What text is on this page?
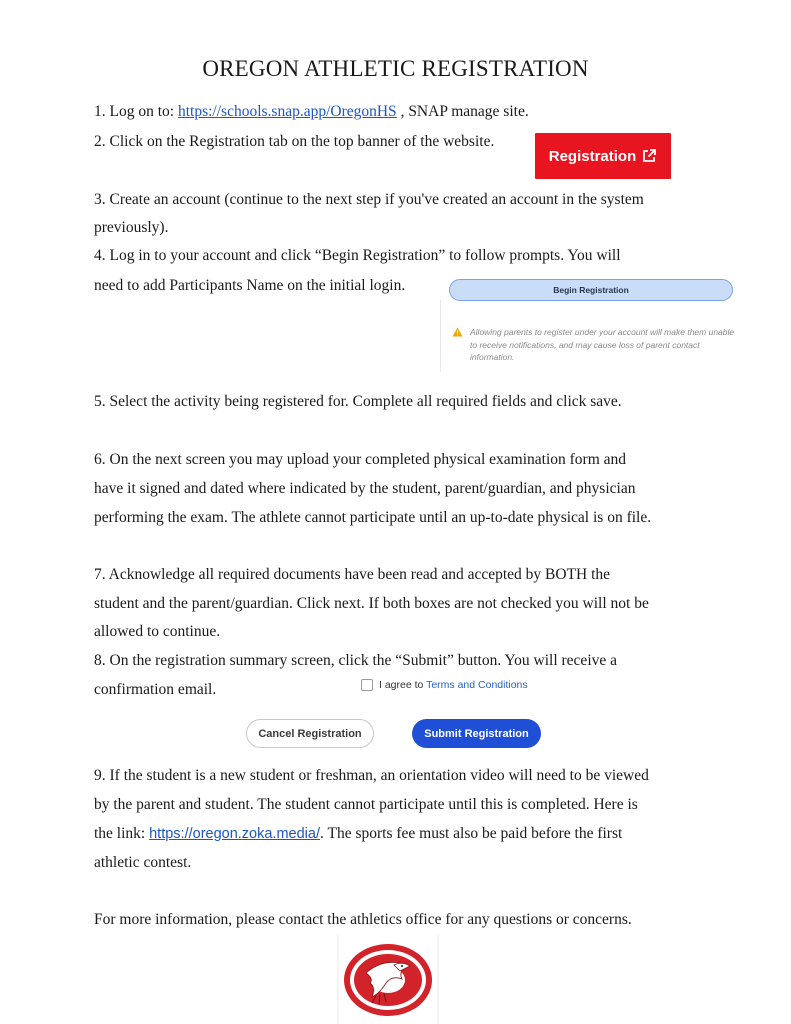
OREGON ATHLETIC REGISTRATION
1. Log on to: https://schools.snap.app/OregonHS , SNAP manage site.
2. Click on the Registration tab on the top banner of the website.
Registration
3. Create an account (continue to the next step if you've created an account in the system
previously).
4. Log in to your account and click “Begin Registration” to follow prompts. You will
need to add Participants Name on the initial login.	Begin Registration
Allowing parents to register under your account will make them unable to receive notifications, and may cause loss of parent contact information.
5. Select the activity being registered for. Complete all required fields and click save.
6. On the next screen you may upload your completed physical examination form and
have it signed and dated where indicated by the student, parent/guardian, and physician
performing the exam. The athlete cannot participate until an up-to-date physical is on file.
7. Acknowledge all required documents have been read and accepted by BOTH the
student and the parent/guardian. Click next. If both boxes are not checked you will not be
allowed to continue.
8. On the registration summary screen, click the “Submit” button. You will receive a
confirmation email.	I agree to Terms and Conditions
Cancel Registration	Submit Registration
9. If the student is a new student or freshman, an orientation video will need to be viewed
by the parent and student. The student cannot participate until this is completed. Here is
the link: https://oregon.zoka.media/. The sports fee must also be paid before the first
athletic contest.
For more information, please contact the athletics office for any questions or concerns.
